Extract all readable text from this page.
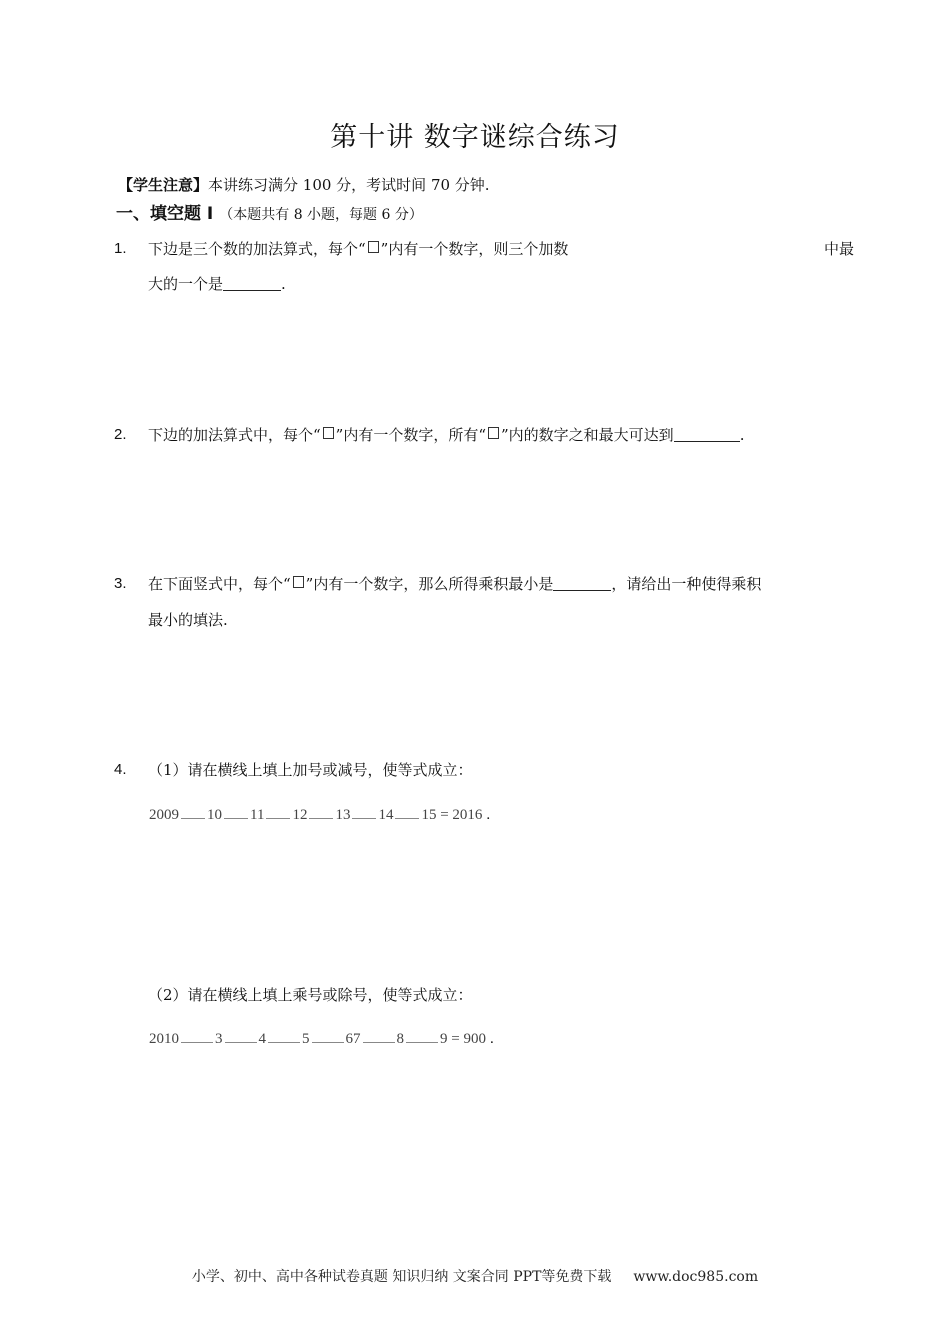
第十讲 数字谜综合练习
【学生注意】本讲练习满分 100 分，考试时间 70 分钟.
一、填空题 Ⅰ （本题共有 8 小题，每题 6 分）
1. 下边是三个数的加法算式，每个“ ”内有一个数字，则三个加数	中最
大的一个是	.
2. 下边的加法算式中，每个“ ”内有一个数字，所有“ ”内的数字之和最大可达到	.
3. 在下面竖式中，每个“ ”内有一个数字，那么所得乘积最小是	，请给出一种使得乘积
最小的填法.
4. （1）请在横线上填上加号或减号，使等式成立：
2009 10 11 12 13 14 15 = 2016 .
（2）请在横线上填上乘号或除号，使等式成立：
2010 3 4 5 67 8 9 = 900 .
小学、初中、高中各种试卷真题 知识归纳 文案合同 PPT等免费下载 www.doc985.com
